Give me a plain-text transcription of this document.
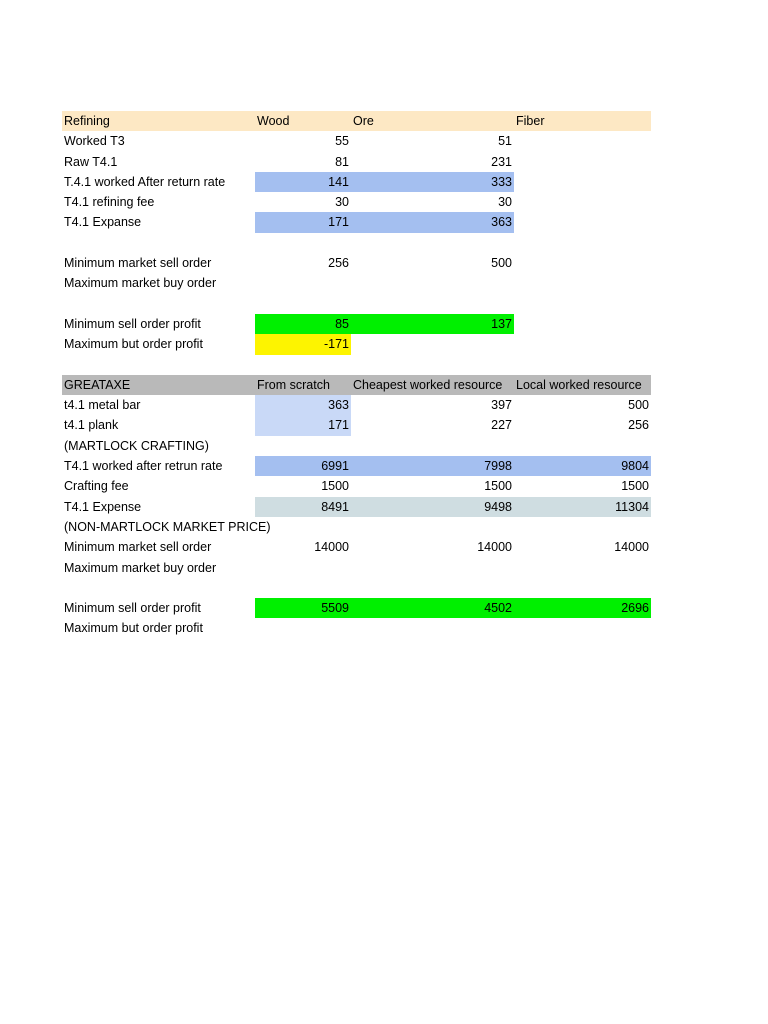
Refining	Wood	Ore	Fiber
Worked T3	55	51
Raw T4.1	81	231
T.4.1 worked After return rate	141	333
T4.1 refining fee	30	30
T4.1 Expanse	171	363
Minimum market sell order	256	500
Maximum market buy order
Minimum sell order profit	85	137
Maximum but order profit	-171
GREATAXE	From scratch	Cheapest worked resource	Local worked resource
t4.1 metal bar	363	397	500
t4.1 plank	171	227	256
(MARTLOCK CRAFTING)
T4.1 worked after retrun rate	6991	7998	9804
Crafting fee	1500	1500	1500
T4.1 Expense	8491	9498	11304
(NON-MARTLOCK MARKET PRICE)
Minimum market sell order	14000	14000	14000
Maximum market buy order
Minimum sell order profit	5509	4502	2696
Maximum but order profit
